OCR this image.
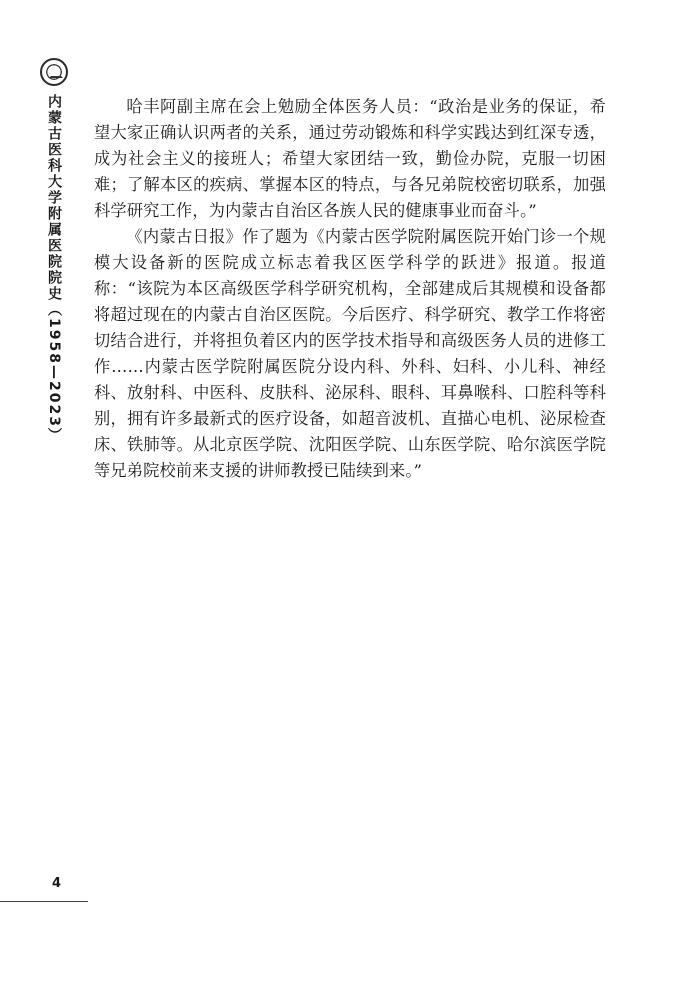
内蒙古医科大学附属医院院史（1958—2023）	哈丰阿副主席在会上勉励全体医务人员：“政治是业务的保证，希望大家正确认识两者的关系，通过劳动锻炼和科学实践达到红深专透，成为社会主义的接班人；希望大家团结一致，勤俭办院，克服一切困难；了解本区的疾病、掌握本区的特点，与各兄弟院校密切联系，加强科学研究工作，为内蒙古自治区各族人民的健康事业而奋斗。”

《内蒙古日报》作了题为《内蒙古医学院附属医院开始门诊一个规模大设备新的医院成立标志着我区医学科学的跃进》报道。报道称：“该院为本区高级医学科学研究机构，全部建成后其规模和设备都将超过现在的内蒙古自治区医院。今后医疗、科学研究、教学工作将密切结合进行，并将担负着区内的医学技术指导和高级医务人员的进修工作……内蒙古医学院附属医院分设内科、外科、妇科、小儿科、神经科、放射科、中医科、皮肤科、泌尿科、眼科、耳鼻喉科、口腔科等科别，拥有许多最新式的医疗设备，如超音波机、直描心电机、泌尿检查床、铁肺等。从北京医学院、沈阳医学院、山东医学院、哈尔滨医学院等兄弟院校前来支援的讲师教授已陆续到来。”

4
